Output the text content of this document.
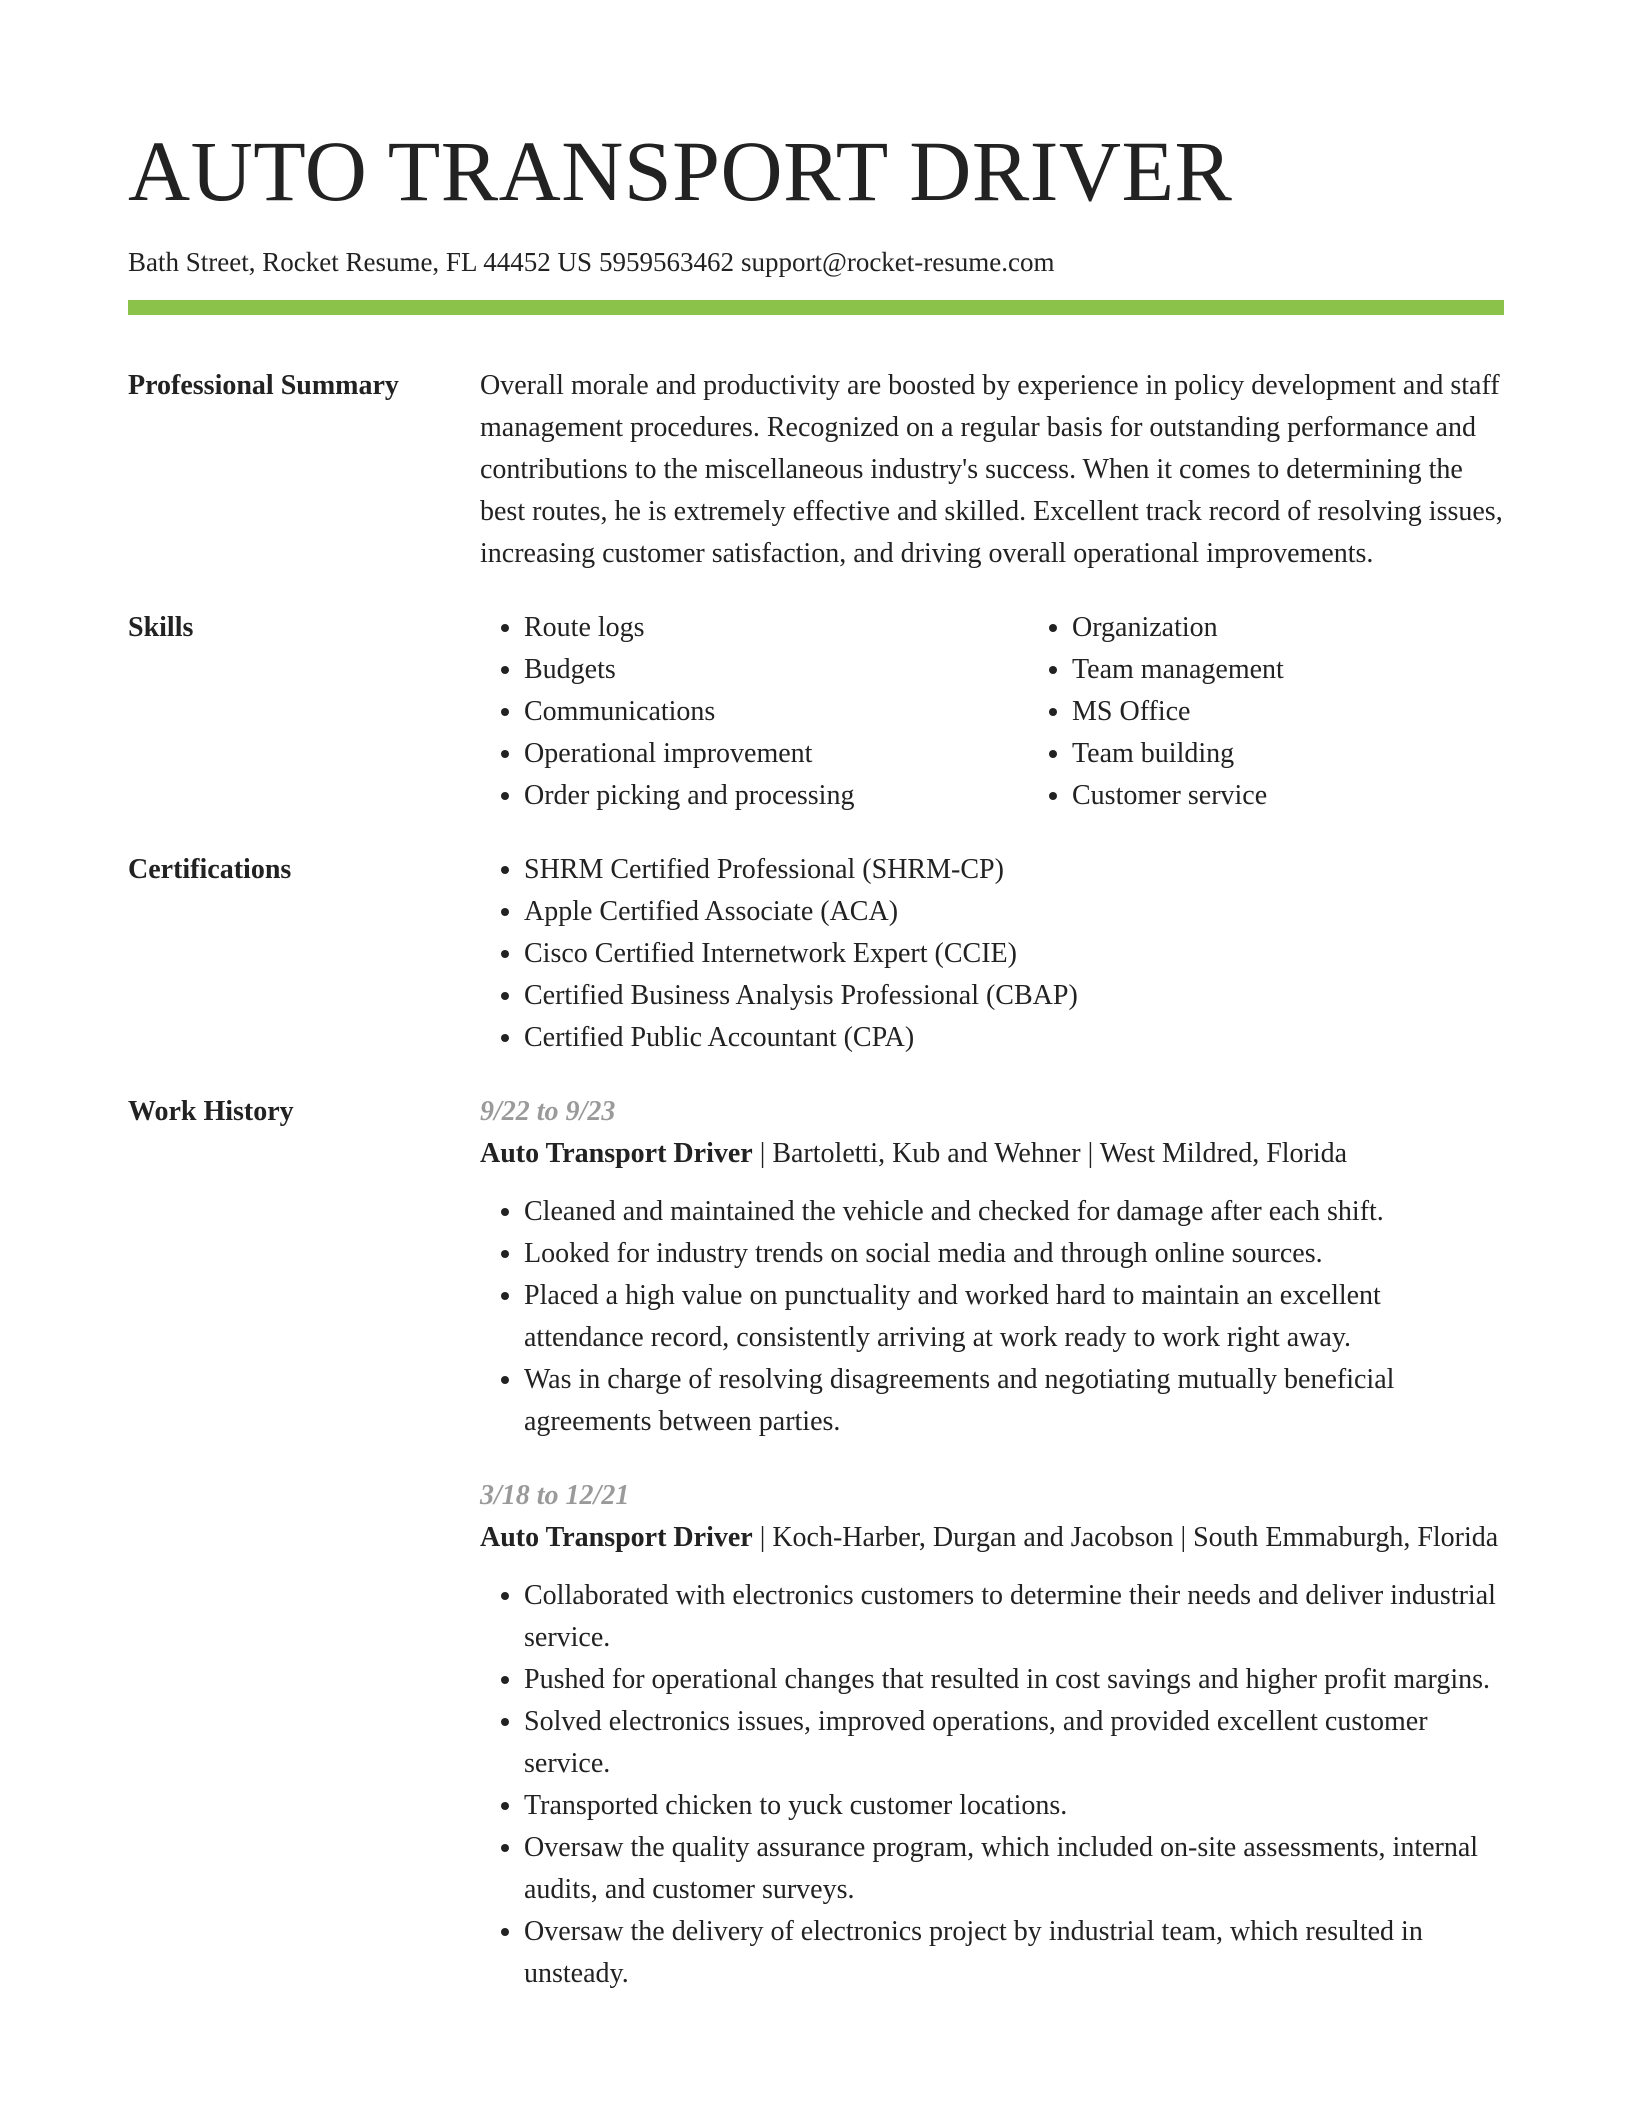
AUTO TRANSPORT DRIVER
Bath Street, Rocket Resume, FL 44452 US 5959563462 support@rocket-resume.com
Professional Summary	Overall morale and productivity are boosted by experience in policy development and staff management procedures. Recognized on a regular basis for outstanding performance and contributions to the miscellaneous industry's success. When it comes to determining the best routes, he is extremely effective and skilled. Excellent track record of resolving issues, increasing customer satisfaction, and driving overall operational improvements.
Skills	• Route logs
• Budgets
• Communications
• Operational improvement
• Order picking and processing
• Organization
• Team management
• MS Office
• Team building
• Customer service
Certifications	• SHRM Certified Professional (SHRM-CP)
• Apple Certified Associate (ACA)
• Cisco Certified Internetwork Expert (CCIE)
• Certified Business Analysis Professional (CBAP)
• Certified Public Accountant (CPA)
Work History	9/22 to 9/23
Auto Transport Driver | Bartoletti, Kub and Wehner | West Mildred, Florida
• Cleaned and maintained the vehicle and checked for damage after each shift.
• Looked for industry trends on social media and through online sources.
• Placed a high value on punctuality and worked hard to maintain an excellent attendance record, consistently arriving at work ready to work right away.
• Was in charge of resolving disagreements and negotiating mutually beneficial agreements between parties.
3/18 to 12/21
Auto Transport Driver | Koch-Harber, Durgan and Jacobson | South Emmaburgh, Florida
• Collaborated with electronics customers to determine their needs and deliver industrial service.
• Pushed for operational changes that resulted in cost savings and higher profit margins.
• Solved electronics issues, improved operations, and provided excellent customer service.
• Transported chicken to yuck customer locations.
• Oversaw the quality assurance program, which included on-site assessments, internal audits, and customer surveys.
• Oversaw the delivery of electronics project by industrial team, which resulted in unsteady.
